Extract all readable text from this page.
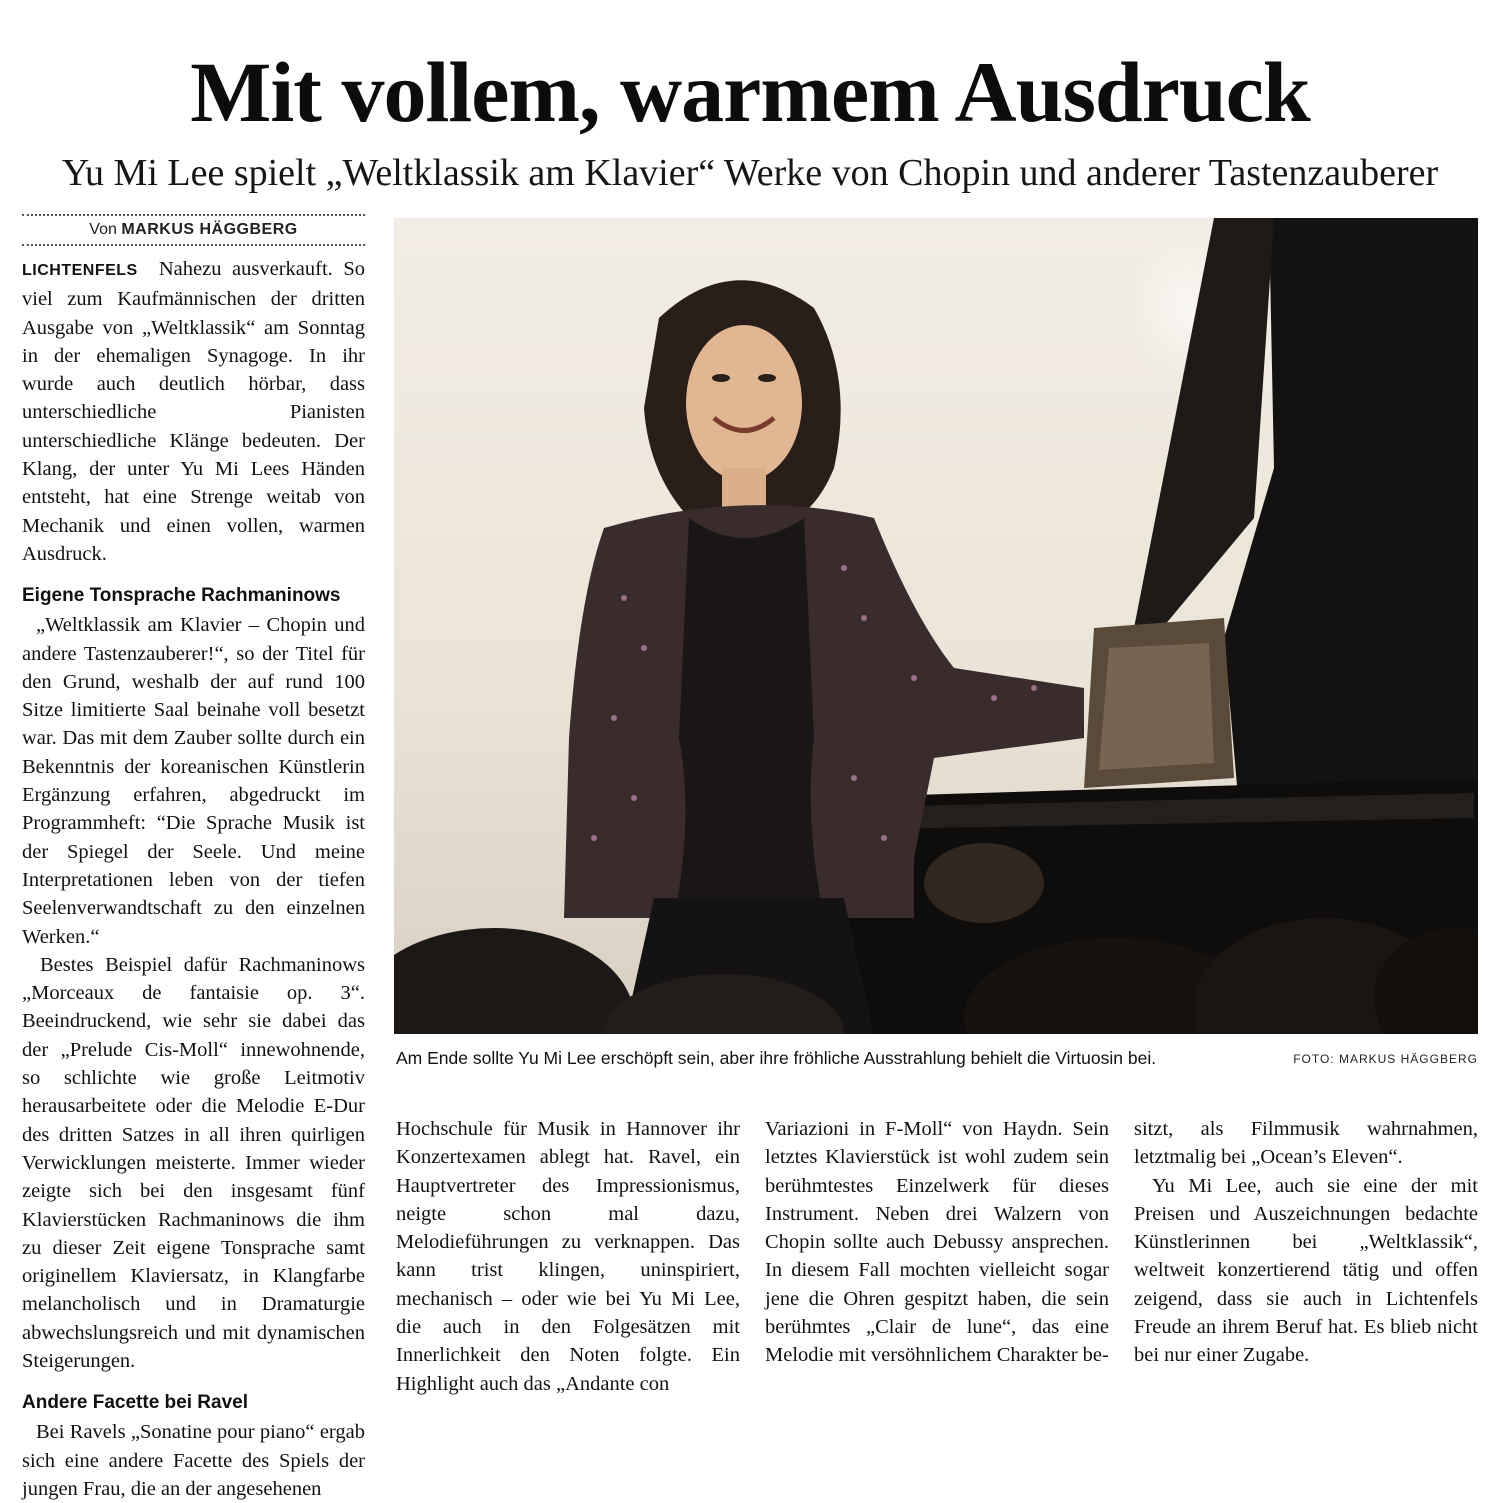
Mit vollem, warmem Ausdruck
Yu Mi Lee spielt „Weltklassik am Klavier“ Werke von Chopin und anderer Tastenzauberer
Von MARKUS HÄGGBERG

LICHTENFELS Nahezu ausverkauft. So viel zum Kaufmännischen der dritten Ausgabe von „Weltklassik“ am Sonntag in der ehemaligen Synagoge. In ihr wurde auch deutlich hörbar, dass unterschiedliche Pianisten unterschiedliche Klänge bedeuten. Der Klang, der unter Yu Mi Lees Händen entsteht, hat eine Strenge weitab von Mechanik und einen vollen, warmen Ausdruck.

Eigene Tonsprache Rachmaninows

„Weltklassik am Klavier – Chopin und andere Tastenzauberer!“, so der Titel für den Grund, weshalb der auf rund 100 Sitze limitierte Saal beinahe voll besetzt war. Das mit dem Zauber sollte durch ein Bekenntnis der koreanischen Künstlerin Ergänzung erfahren, abgedruckt im Programmheft: “Die Sprache Musik ist der Spiegel der Seele. Und meine Interpretationen leben von der tiefen Seelenverwandtschaft zu den einzelnen Werken.“

Bestes Beispiel dafür Rachmaninows „Morceaux de fantaisie op. 3“. Beeindruckend, wie sehr sie dabei das der „Prelude Cis-Moll“ innewohnende, so schlichte wie große Leitmotiv herausarbeitete oder die Melodie E-Dur des dritten Satzes in all ihren quirligen Verwicklungen meisterte. Immer wieder zeigte sich bei den insgesamt fünf Klavierstücken Rachmaninows die ihm zu dieser Zeit eigene Tonsprache samt originellem Klaviersatz, in Klangfarbe melancholisch und in Dramaturgie abwechslungsreich und mit dynamischen Steigerungen.

Andere Facette bei Ravel

Bei Ravels „Sonatine pour piano“ ergab sich eine andere Facette des Spiels der jungen Frau, die an der angesehenen

Am Ende sollte Yu Mi Lee erschöpft sein, aber ihre fröhliche Ausstrahlung behielt die Virtuosin bei.	FOTO: MARKUS HÄGGBERG

Hochschule für Musik in Hannover ihr Konzertexamen ablegt hat. Ravel, ein Hauptvertreter des Impressionismus, neigte schon mal dazu, Melodieführungen zu verknappen. Das kann trist klingen, uninspiriert, mechanisch – oder wie bei Yu Mi Lee, die auch in den Folgesätzen mit Innerlichkeit den Noten folgte. Ein Highlight auch das „Andante con

Variazioni in F-Moll“ von Haydn. Sein letztes Klavierstück ist wohl zudem sein berühmtestes Einzelwerk für dieses Instrument. Neben drei Walzern von Chopin sollte auch Debussy ansprechen. In diesem Fall mochten vielleicht sogar jene die Ohren gespitzt haben, die sein berühmtes „Clair de lune“, das eine Melodie mit versöhnlichem Charakter be-

sitzt, als Filmmusik wahrnahmen, letztmalig bei „Ocean’s Eleven“.

Yu Mi Lee, auch sie eine der mit Preisen und Auszeichnungen bedachte Künstlerinnen bei „Weltklassik“, weltweit konzertierend tätig und offen zeigend, dass sie auch in Lichtenfels Freude an ihrem Beruf hat. Es blieb nicht bei nur einer Zugabe.
